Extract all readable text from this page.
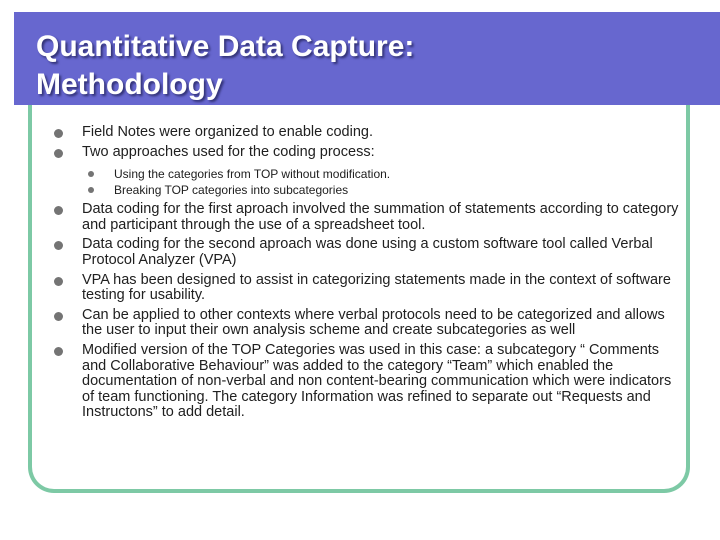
Quantitative Data Capture:
Methodology
Field Notes were organized to enable coding.
Two approaches used for the coding process:
Using the categories from TOP without modification.
Breaking TOP categories into subcategories
Data coding for the first aproach involved the summation of statements according to category and participant through the use of a spreadsheet tool.
Data coding for the second aproach was done using a custom software tool called Verbal Protocol Analyzer (VPA)
VPA has been designed to assist in categorizing statements made in the context of software testing for usability.
Can be applied to other contexts where verbal protocols need to be categorized and allows the user to input their own analysis scheme and create subcategories as well
Modified version of the TOP Categories was used in this case: a subcategory “ Comments and Collaborative Behaviour” was added to the category “Team” which enabled the documentation of non-verbal and non content-bearing communication which were indicators of team functioning. The category Information was refined to separate out “Requests and Instructons” to add detail.
